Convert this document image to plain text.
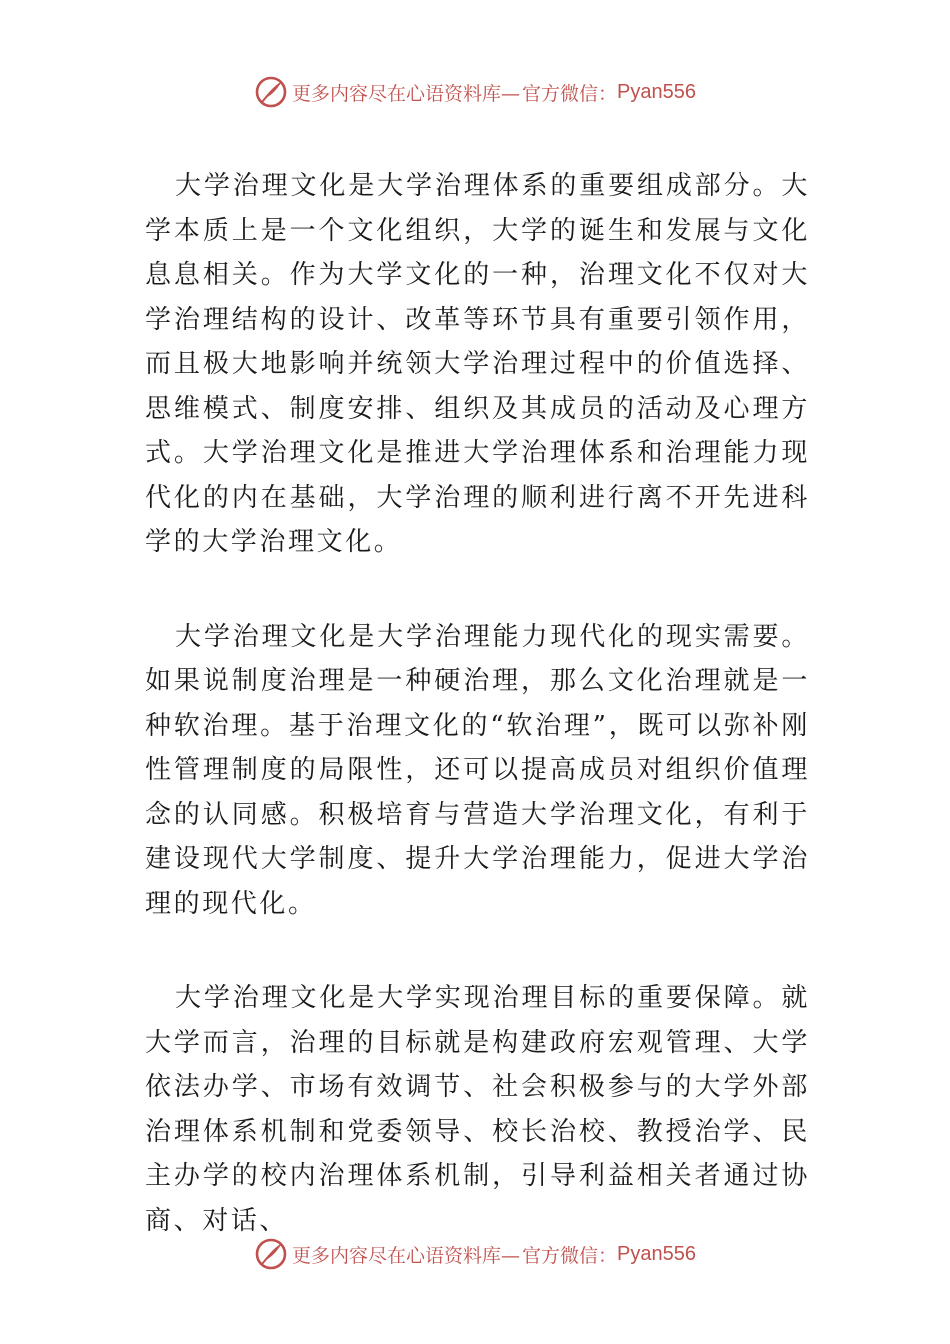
更多内容尽在心语资料库— 官方微信： Pyan556

大学治理文化是大学治理体系的重要组成部分。大学本质上是一个文化组织，大学的诞生和发展与文化息息相关。作为大学文化的一种，治理文化不仅对大学治理结构的设计、改革等环节具有重要引领作用，而且极大地影响并统领大学治理过程中的价值选择、思维模式、制度安排、组织及其成员的活动及心理方式。大学治理文化是推进大学治理体系和治理能力现代化的内在基础，大学治理的顺利进行离不开先进科学的大学治理文化。

大学治理文化是大学治理能力现代化的现实需要。如果说制度治理是一种硬治理，那么文化治理就是一种软治理。基于治理文化的“软治理”，既可以弥补刚性管理制度的局限性，还可以提高成员对组织价值理念的认同感。积极培育与营造大学治理文化，有利于建设现代大学制度、提升大学治理能力，促进大学治理的现代化。

大学治理文化是大学实现治理目标的重要保障。就大学而言，治理的目标就是构建政府宏观管理、大学依法办学、市场有效调节、社会积极参与的大学外部治理体系机制和党委领导、校长治校、教授治学、民主办学的校内治理体系机制，引导利益相关者通过协商、对话、

更多内容尽在心语资料库— 官方微信： Pyan556
